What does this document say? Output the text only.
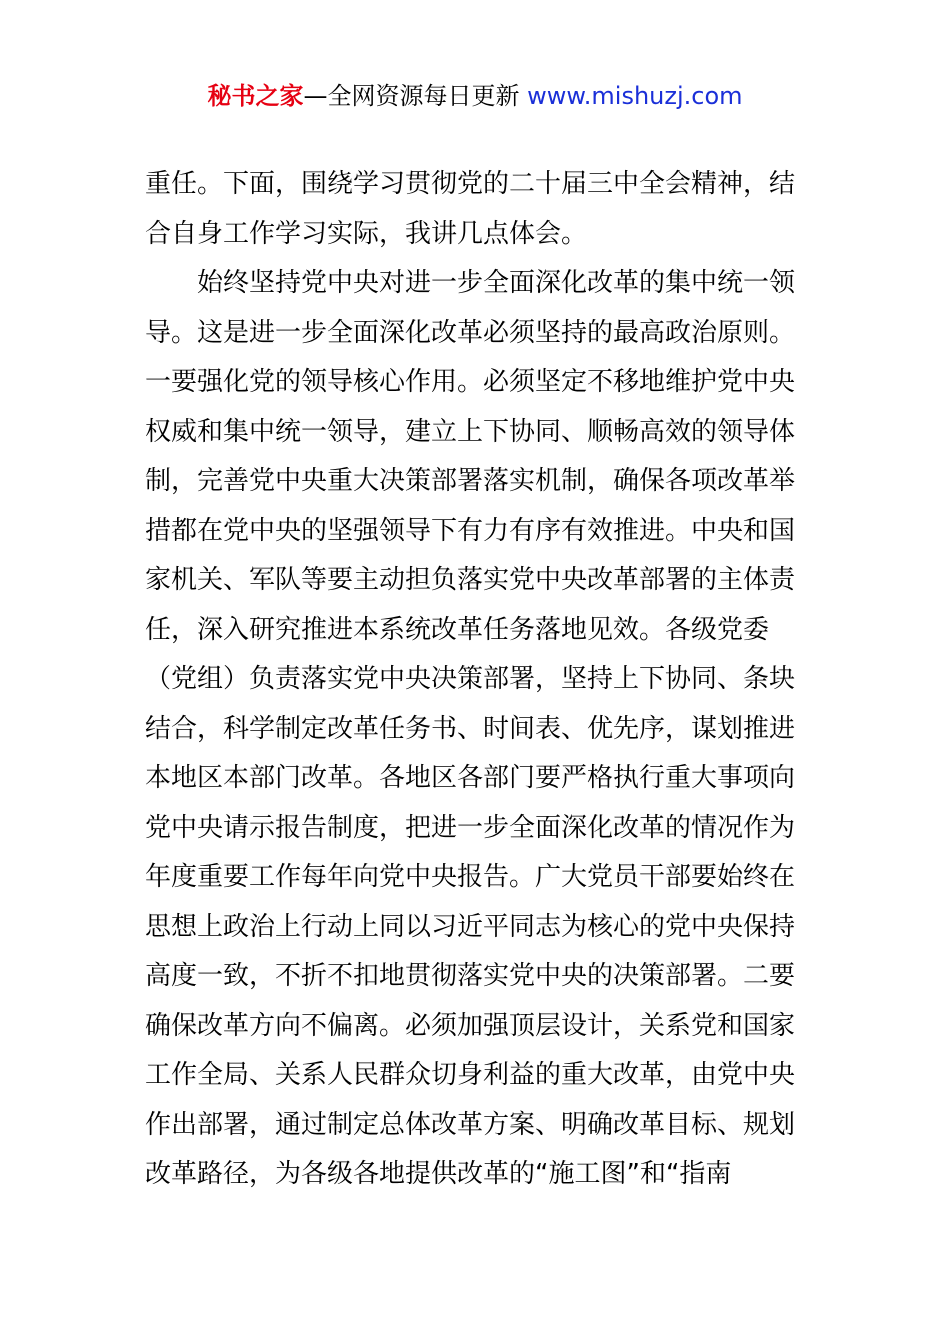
秘书之家—全网资源每日更新 www.mishuzj.com
重任。下面，围绕学习贯彻党的二十届三中全会精神，结
合自身工作学习实际，我讲几点体会。
始终坚持党中央对进一步全面深化改革的集中统一领
导。这是进一步全面深化改革必须坚持的最高政治原则。
一要强化党的领导核心作用。必须坚定不移地维护党中央
权威和集中统一领导，建立上下协同、顺畅高效的领导体
制，完善党中央重大决策部署落实机制，确保各项改革举
措都在党中央的坚强领导下有力有序有效推进。中央和国
家机关、军队等要主动担负落实党中央改革部署的主体责
任，深入研究推进本系统改革任务落地见效。各级党委
（党组）负责落实党中央决策部署，坚持上下协同、条块
结合，科学制定改革任务书、时间表、优先序，谋划推进
本地区本部门改革。各地区各部门要严格执行重大事项向
党中央请示报告制度，把进一步全面深化改革的情况作为
年度重要工作每年向党中央报告。广大党员干部要始终在
思想上政治上行动上同以习近平同志为核心的党中央保持
高度一致，不折不扣地贯彻落实党中央的决策部署。二要
确保改革方向不偏离。必须加强顶层设计，关系党和国家
工作全局、关系人民群众切身利益的重大改革，由党中央
作出部署，通过制定总体改革方案、明确改革目标、规划
改革路径，为各级各地提供改革的“施工图”和“指南
